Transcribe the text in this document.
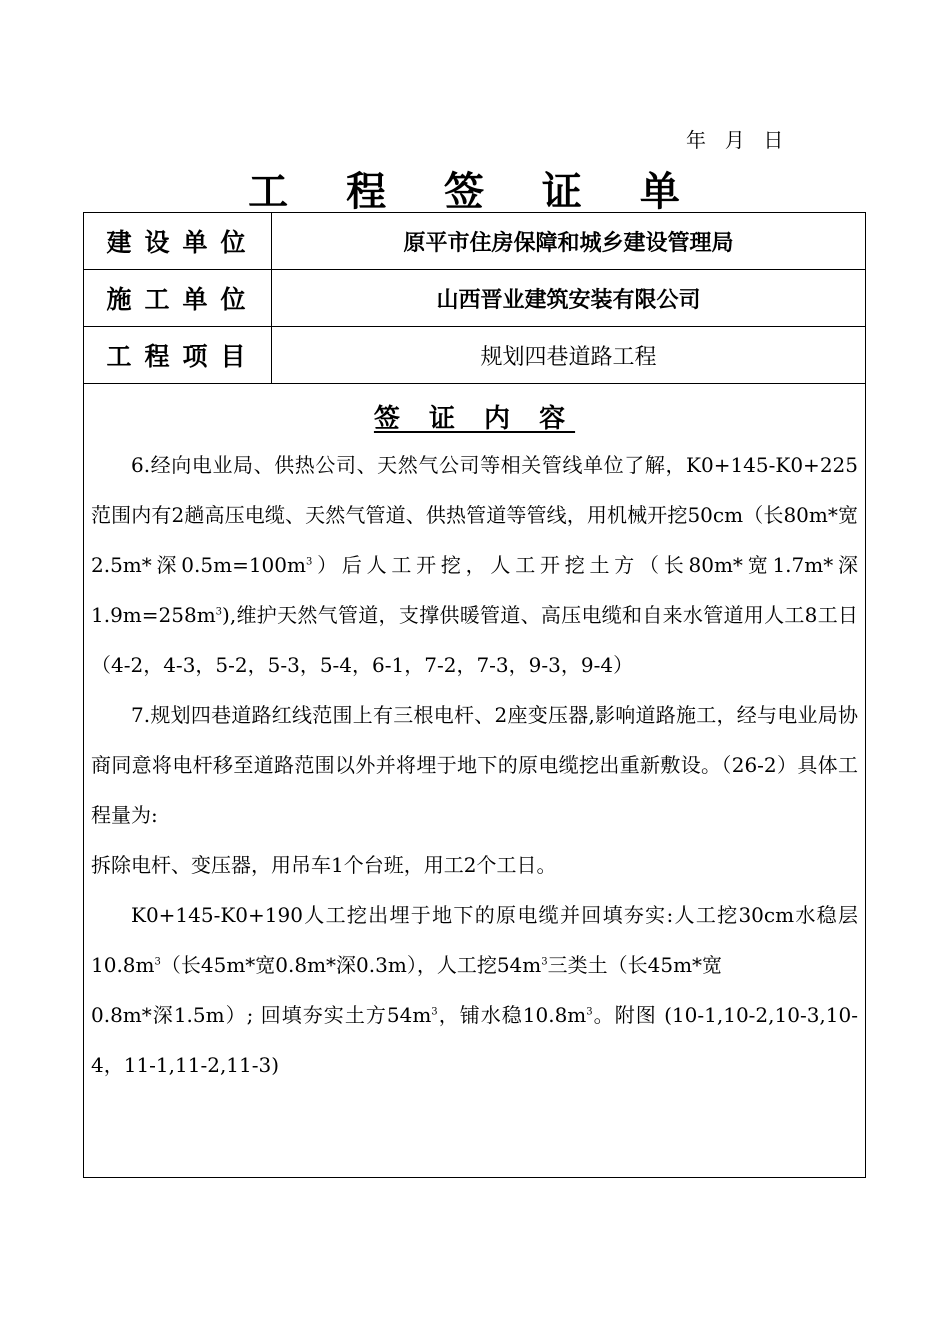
年  月  日
工 程 签 证 单
建设单位	原平市住房保障和城乡建设管理局
施工单位	山西晋业建筑安装有限公司
工程项目	规划四巷道路工程
签 证 内 容

6.经向电业局、供热公司、天然气公司等相关管线单位了解，K0+145-K0+225范围内有2趟高压电缆、天然气管道、供热管道等管线，用机械开挖50cm（长80m*宽2.5m*深$0.5m=100m^3$）后人工开挖，人工开挖土方（长80m*宽1.7m*深$1.9m=258m^3$),维护天然气管道，支撑供暖管道、高压电缆和自来水管道用人工8工日（4-2，4-3，5-2，5-3，5-4，6-1，7-2，7-3，9-3，9-4）

7.规划四巷道路红线范围上有三根电杆、2座变压器,影响道路施工，经与电业局协商同意将电杆移至道路范围以外并将埋于地下的原电缆挖出重新敷设。（26-2）具体工程量为:

拆除电杆、变压器，用吊车1个台班，用工2个工日。

K0+145-K0+190人工挖出埋于地下的原电缆并回填夯实:人工挖30cm水稳层$10.8m^3$（长45m*宽0.8m*深0.3m），人工挖$54m^3$三类土（长45m*宽

0.8m*深1.5m）; 回填夯实土方$54m^3$，铺水稳$10.8m^3$。附图 (10-1,10-2,10-3,10-4，11-1,11-2,11-3)
